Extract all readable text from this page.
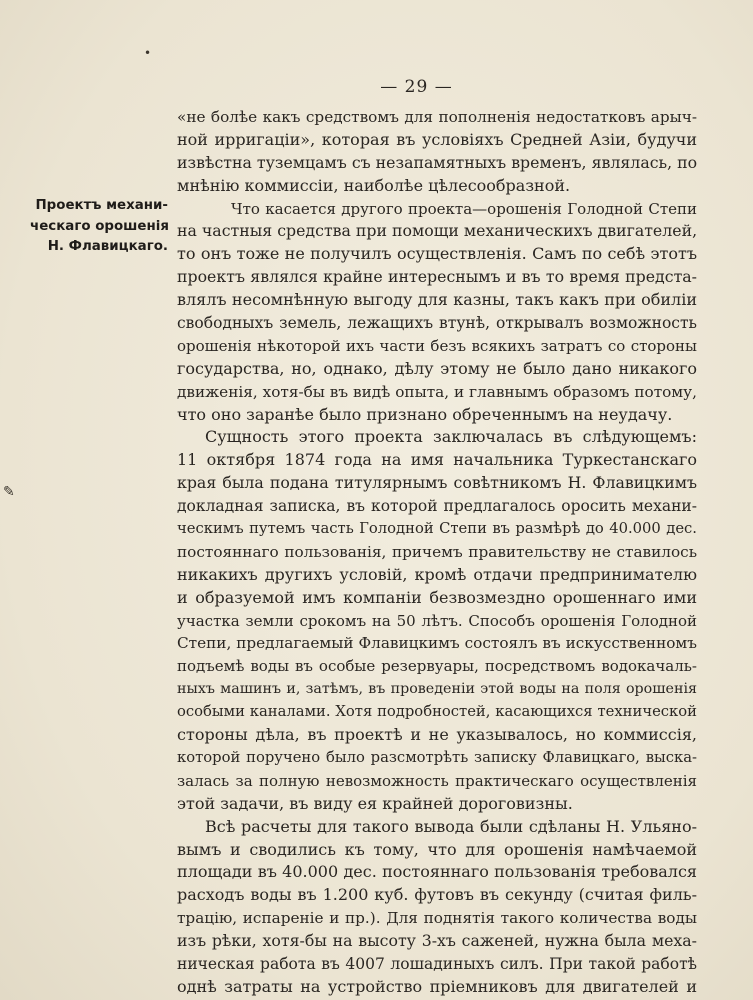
•
✎
— 29 —
Проектъ механи-
ческаго орошенія
Н. Флавицкаго.
«не болѣе какъ средствомъ для пополненія недостатковъ арыч-
ной ирригаціи», которая въ условіяхъ Средней Азіи, будучи
извѣстна туземцамъ съ незапамятныхъ временъ, являлась, по
мнѣнію коммиссіи, наиболѣе цѣлесообразной.
Что касается другого проекта—орошенія Голодной Степи
на частныя средства при помощи механическихъ двигателей,
то онъ тоже не получилъ осуществленія. Самъ по себѣ этотъ
проектъ являлся крайне интереснымъ и въ то время предста-
влялъ несомнѣнную выгоду для казны, такъ какъ при обиліи
свободныхъ земель, лежащихъ втунѣ, открывалъ возможность
орошенія нѣкоторой ихъ части безъ всякихъ затратъ со стороны
государства, но, однако, дѣлу этому не было дано никакого
движенія, хотя-бы въ видѣ опыта, и главнымъ образомъ потому,
что оно заранѣе было признано обреченнымъ на неудачу.
Сущность этого проекта заключалась въ слѣдующемъ:
11 октября 1874 года на имя начальника Туркестанскаго
края была подана титулярнымъ совѣтникомъ Н. Флавицкимъ
докладная записка, въ которой предлагалось оросить механи-
ческимъ путемъ часть Голодной Степи въ размѣрѣ до 40.000 дес.
постояннаго пользованія, причемъ правительству не ставилось
никакихъ другихъ условій, кромѣ отдачи предпринимателю
и образуемой имъ компаніи безвозмездно орошеннаго ими
участка земли срокомъ на 50 лѣтъ. Способъ орошенія Голодной
Степи, предлагаемый Флавицкимъ состоялъ въ искусственномъ
подъемѣ воды въ особые резервуары, посредствомъ водокачаль-
ныхъ машинъ и, затѣмъ, въ проведеніи этой воды на поля орошенія
особыми каналами. Хотя подробностей, касающихся технической
стороны дѣла, въ проектѣ и не указывалось, но коммиссія,
которой поручено было разсмотрѣть записку Флавицкаго, выска-
залась за полную невозможность практическаго осуществленія
этой задачи, въ виду ея крайней дороговизны.
Всѣ расчеты для такого вывода были сдѣланы Н. Ульяно-
вымъ и сводились къ тому, что для орошенія намѣчаемой
площади въ 40.000 дес. постояннаго пользованія требовался
расходъ воды въ 1.200 куб. футовъ въ секунду (считая филь-
трацію, испареніе и пр.). Для поднятія такого количества воды
изъ рѣки, хотя-бы на высоту 3-хъ саженей, нужна была меха-
ническая работа въ 4007 лошадиныхъ силъ. При такой работѣ
однѣ затраты на устройство пріемниковъ для двигателей и
